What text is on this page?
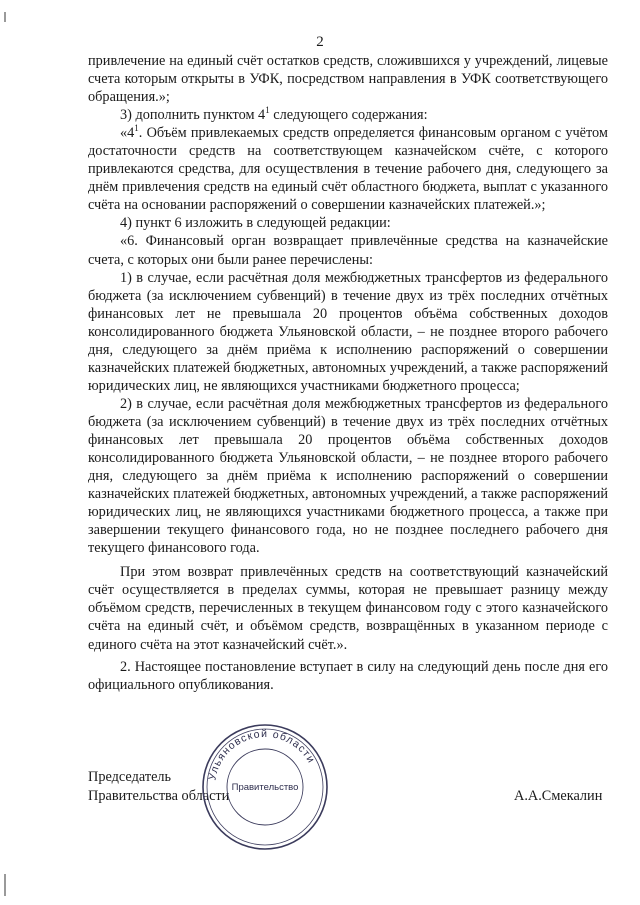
2

привлечение на единый счёт остатков средств, сложившихся у учреждений, лицевые счета которым открыты в УФК, посредством направления в УФК соответствующего обращения.»;

3) дополнить пунктом $4^1$ следующего содержания:

«$4^1$. Объём привлекаемых средств определяется финансовым органом с учётом достаточности средств на соответствующем казначейском счёте, с которого привлекаются средства, для осуществления в течение рабочего дня, следующего за днём привлечения средств на единый счёт областного бюджета, выплат с указанного счёта на основании распоряжений о совершении казначейских платежей.»;

4) пункт 6 изложить в следующей редакции:

«6. Финансовый орган возвращает привлечённые средства на казначейские счета, с которых они были ранее перечислены:

1) в случае, если расчётная доля межбюджетных трансфертов из федерального бюджета (за исключением субвенций) в течение двух из трёх последних отчётных финансовых лет не превышала 20 процентов объёма собственных доходов консолидированного бюджета Ульяновской области, – не позднее второго рабочего дня, следующего за днём приёма к исполнению распоряжений о совершении казначейских платежей бюджетных, автономных учреждений, а также распоряжений юридических лиц, не являющихся участниками бюджетного процесса;

2) в случае, если расчётная доля межбюджетных трансфертов из федерального бюджета (за исключением субвенций) в течение двух из трёх последних отчётных финансовых лет превышала 20 процентов объёма собственных доходов консолидированного бюджета Ульяновской области, – не позднее второго рабочего дня, следующего за днём приёма к исполнению распоряжений о совершении казначейских платежей бюджетных, автономных учреждений, а также распоряжений юридических лиц, не являющихся участниками бюджетного процесса, а также при завершении текущего финансового года, но не позднее последнего рабочего дня текущего финансового года.

При этом возврат привлечённых средств на соответствующий казначейский счёт осуществляется в пределах суммы, которая не превышает разницу между объёмом средств, перечисленных в текущем финансовом году с этого казначейского счёта на единый счёт, и объёмом средств, возвращённых в указанном периоде с единого счёта на этот казначейский счёт.».

2. Настоящее постановление вступает в силу на следующий день после дня его официального опубликования.

Председатель
Правительства области	А.А.Смекалин
Ульяновской области
Правительство
